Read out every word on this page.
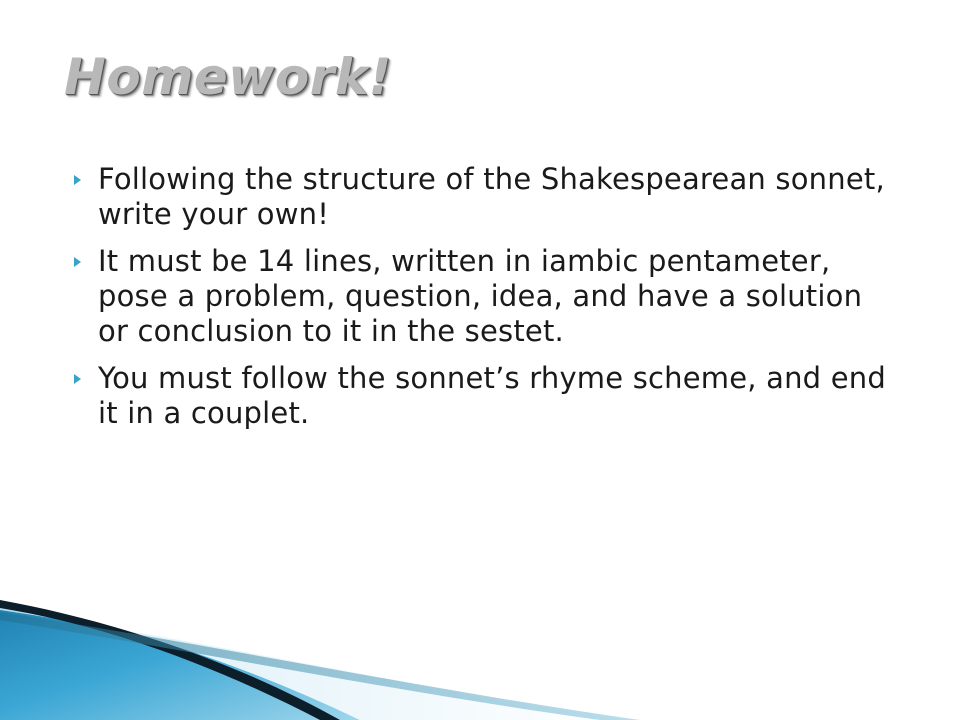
Homework!
Following the structure of the Shakespearean sonnet, write your own!
It must be 14 lines, written in iambic pentameter, pose a problem, question, idea, and have a solution or conclusion to it in the sestet.
You must follow the sonnet’s rhyme scheme, and end it in a couplet.
